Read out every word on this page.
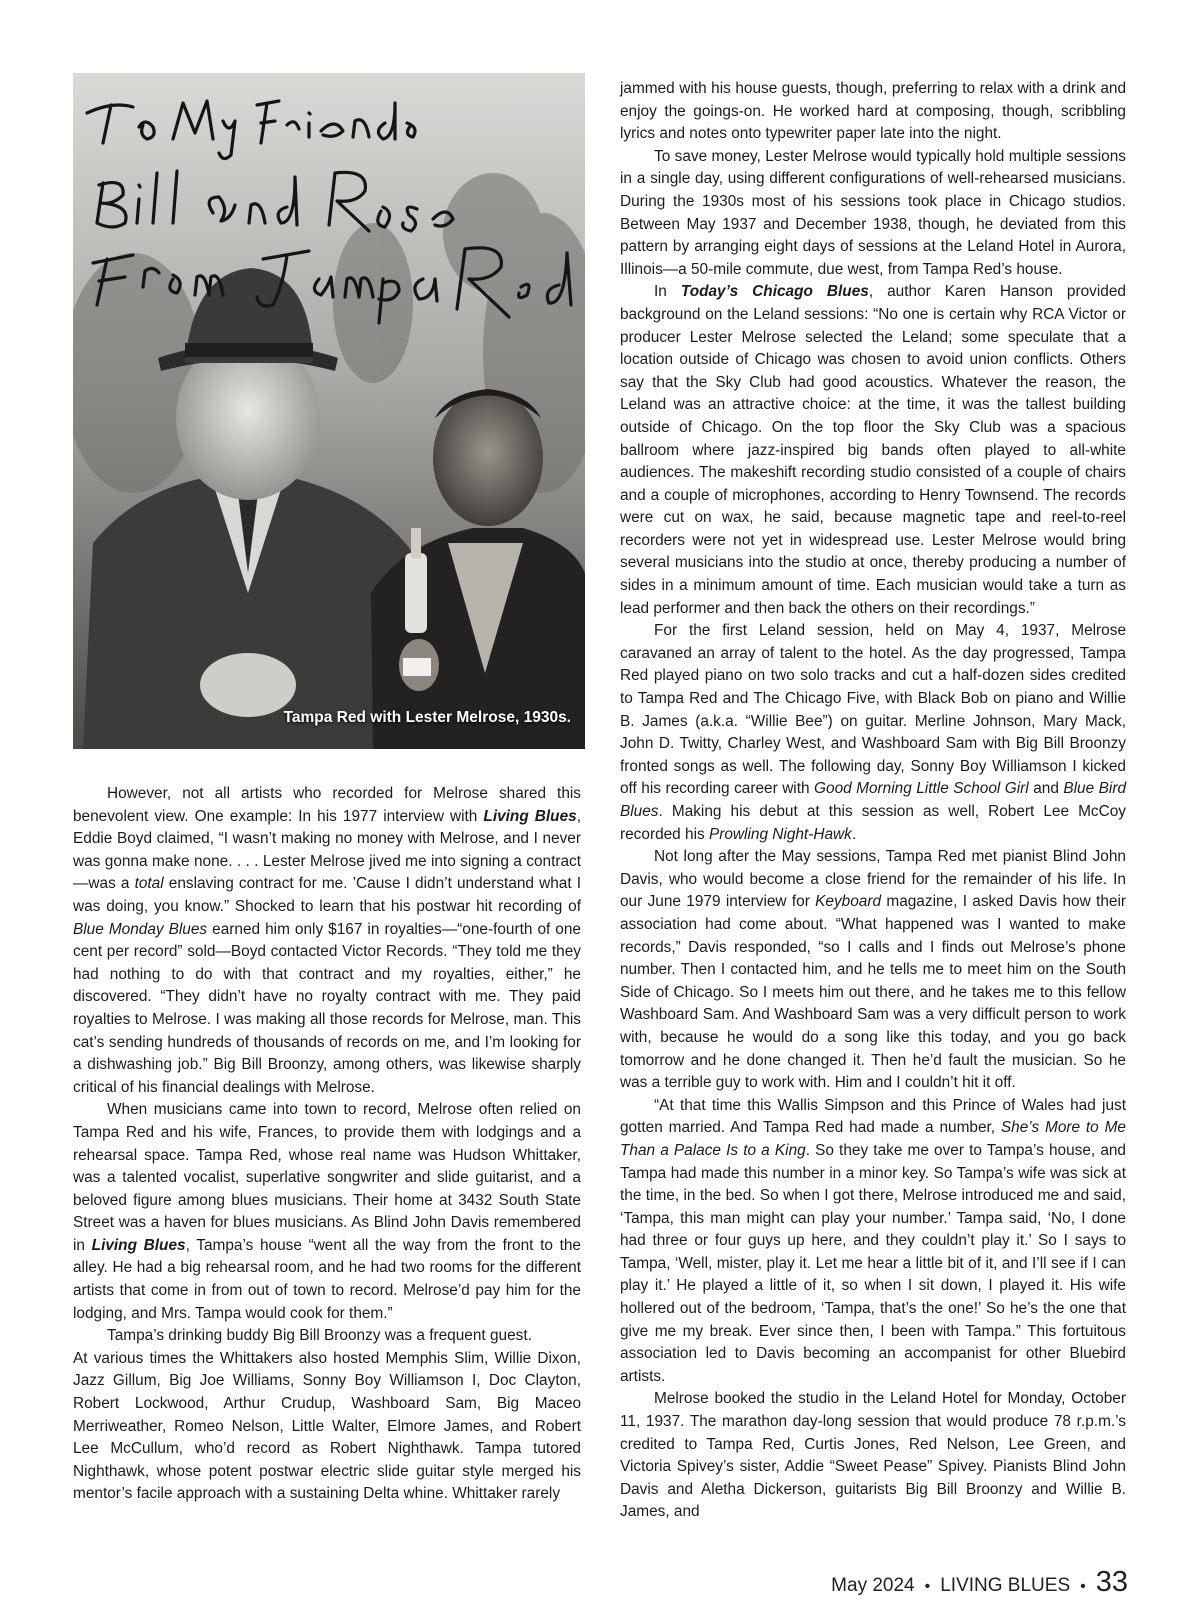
Tampa Red with Lester Melrose, 1930s.

However, not all artists who recorded for Melrose shared this benevolent view. One example: In his 1977 interview with Living Blues, Eddie Boyd claimed, “I wasn’t making no money with Melrose, and I never was gonna make none. . . . Lester Melrose jived me into signing a contract—was a total enslaving contract for me. ’Cause I didn’t understand what I was doing, you know.” Shocked to learn that his postwar hit recording of Blue Monday Blues earned him only $167 in royalties—“one-fourth of one cent per record” sold—Boyd contacted Victor Records. “They told me they had nothing to do with that contract and my royalties, either,” he discovered. “They didn’t have no royalty contract with me. They paid royalties to Melrose. I was making all those records for Melrose, man. This cat’s sending hundreds of thousands of records on me, and I’m looking for a dishwashing job.” Big Bill Broonzy, among others, was likewise sharply critical of his financial dealings with Melrose.

When musicians came into town to record, Melrose often relied on Tampa Red and his wife, Frances, to provide them with lodgings and a rehearsal space. Tampa Red, whose real name was Hudson Whittaker, was a talented vocalist, superlative songwriter and slide guitarist, and a beloved figure among blues musicians. Their home at 3432 South State Street was a haven for blues musicians. As Blind John Davis remembered in Living Blues, Tampa’s house “went all the way from the front to the alley. He had a big rehearsal room, and he had two rooms for the different artists that come in from out of town to record. Melrose’d pay him for the lodging, and Mrs. Tampa would cook for them.”

Tampa’s drinking buddy Big Bill Broonzy was a frequent guest.

At various times the Whittakers also hosted Memphis Slim, Willie Dixon, Jazz Gillum, Big Joe Williams, Sonny Boy Williamson I, Doc Clayton, Robert Lockwood, Arthur Crudup, Washboard Sam, Big Maceo Merriweather, Romeo Nelson, Little Walter, Elmore James, and Robert Lee McCullum, who’d record as Robert Nighthawk. Tampa tutored Nighthawk, whose potent postwar electric slide guitar style merged his mentor’s facile approach with a sustaining Delta whine. Whittaker rarely

jammed with his house guests, though, preferring to relax with a drink and enjoy the goings-on. He worked hard at composing, though, scribbling lyrics and notes onto typewriter paper late into the night.

To save money, Lester Melrose would typically hold multiple sessions in a single day, using different configurations of well-rehearsed musicians. During the 1930s most of his sessions took place in Chicago studios. Between May 1937 and December 1938, though, he deviated from this pattern by arranging eight days of sessions at the Leland Hotel in Aurora, Illinois—a 50-mile commute, due west, from Tampa Red’s house.

In Today’s Chicago Blues, author Karen Hanson provided background on the Leland sessions: “No one is certain why RCA Victor or producer Lester Melrose selected the Leland; some speculate that a location outside of Chicago was chosen to avoid union conflicts. Others say that the Sky Club had good acoustics. Whatever the reason, the Leland was an attractive choice: at the time, it was the tallest building outside of Chicago. On the top floor the Sky Club was a spacious ballroom where jazz-inspired big bands often played to all-white audiences. The makeshift recording studio consisted of a couple of chairs and a couple of microphones, according to Henry Townsend. The records were cut on wax, he said, because magnetic tape and reel-to-reel recorders were not yet in widespread use. Lester Melrose would bring several musicians into the studio at once, thereby producing a number of sides in a minimum amount of time. Each musician would take a turn as lead performer and then back the others on their recordings.”

For the first Leland session, held on May 4, 1937, Melrose caravaned an array of talent to the hotel. As the day progressed, Tampa Red played piano on two solo tracks and cut a half-dozen sides credited to Tampa Red and The Chicago Five, with Black Bob on piano and Willie B. James (a.k.a. “Willie Bee”) on guitar. Merline Johnson, Mary Mack, John D. Twitty, Charley West, and Washboard Sam with Big Bill Broonzy fronted songs as well. The following day, Sonny Boy Williamson I kicked off his recording career with Good Morning Little School Girl and Blue Bird Blues. Making his debut at this session as well, Robert Lee McCoy recorded his Prowling Night-Hawk.

Not long after the May sessions, Tampa Red met pianist Blind John Davis, who would become a close friend for the remainder of his life. In our June 1979 interview for Keyboard magazine, I asked Davis how their association had come about. “What happened was I wanted to make records,” Davis responded, “so I calls and I finds out Melrose’s phone number. Then I contacted him, and he tells me to meet him on the South Side of Chicago. So I meets him out there, and he takes me to this fellow Washboard Sam. And Washboard Sam was a very difficult person to work with, because he would do a song like this today, and you go back tomorrow and he done changed it. Then he’d fault the musician. So he was a terrible guy to work with. Him and I couldn’t hit it off.

“At that time this Wallis Simpson and this Prince of Wales had just gotten married. And Tampa Red had made a number, She’s More to Me Than a Palace Is to a King. So they take me over to Tampa’s house, and Tampa had made this number in a minor key. So Tampa’s wife was sick at the time, in the bed. So when I got there, Melrose introduced me and said, ‘Tampa, this man might can play your number.’ Tampa said, ‘No, I done had three or four guys up here, and they couldn’t play it.’ So I says to Tampa, ‘Well, mister, play it. Let me hear a little bit of it, and I’ll see if I can play it.’ He played a little of it, so when I sit down, I played it. His wife hollered out of the bedroom, ‘Tampa, that’s the one!’ So he’s the one that give me my break. Ever since then, I been with Tampa.” This fortuitous association led to Davis becoming an accompanist for other Bluebird artists.

Melrose booked the studio in the Leland Hotel for Monday, October 11, 1937. The marathon day-long session that would produce 78 r.p.m.’s credited to Tampa Red, Curtis Jones, Red Nelson, Lee Green, and Victoria Spivey’s sister, Addie “Sweet Pease” Spivey. Pianists Blind John Davis and Aletha Dickerson, guitarists Big Bill Broonzy and Willie B. James, and

May 2024 • LIVING BLUES • 33
